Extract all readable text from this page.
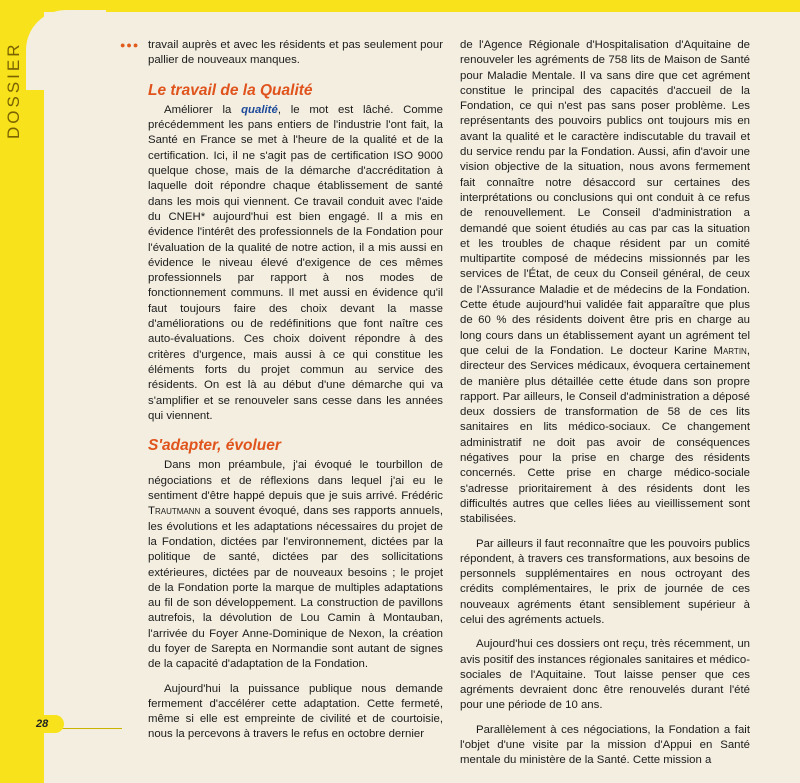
DOSSIER
28
●●● travail auprès et avec les résidents et pas seulement pour pallier de nouveaux manques.

Le travail de la Qualité

Améliorer la qualité, le mot est lâché. Comme précédemment les pans entiers de l'industrie l'ont fait, la Santé en France se met à l'heure de la qualité et de la certification. Ici, il ne s'agit pas de certification ISO 9000 quelque chose, mais de la démarche d'accréditation à laquelle doit répondre chaque établissement de santé dans les mois qui viennent. Ce travail conduit avec l'aide du CNEH* aujourd'hui est bien engagé. Il a mis en évidence l'intérêt des professionnels de la Fondation pour l'évaluation de la qualité de notre action, il a mis aussi en évidence le niveau élevé d'exigence de ces mêmes professionnels par rapport à nos modes de fonctionnement communs. Il met aussi en évidence qu'il faut toujours faire des choix devant la masse d'améliorations ou de redéfinitions que font naître ces auto-évaluations. Ces choix doivent répondre à des critères d'urgence, mais aussi à ce qui constitue les éléments forts du projet commun au service des résidents. On est là au début d'une démarche qui va s'amplifier et se renouveler sans cesse dans les années qui viennent.

S'adapter, évoluer

Dans mon préambule, j'ai évoqué le tourbillon de négociations et de réflexions dans lequel j'ai eu le sentiment d'être happé depuis que je suis arrivé. Frédéric Trautmann a souvent évoqué, dans ses rapports annuels, les évolutions et les adaptations nécessaires du projet de la Fondation, dictées par l'environnement, dictées par la politique de santé, dictées par des sollicitations extérieures, dictées par de nouveaux besoins ; le projet de la Fondation porte la marque de multiples adaptations au fil de son développement. La construction de pavillons autrefois, la dévolution de Lou Camin à Montauban, l'arrivée du Foyer Anne-Dominique de Nexon, la création du foyer de Sarepta en Normandie sont autant de signes de la capacité d'adaptation de la Fondation.

Aujourd'hui la puissance publique nous demande fermement d'accélérer cette adaptation. Cette fermeté, même si elle est empreinte de civilité et de courtoisie, nous la percevons à travers le refus en octobre dernier

de l'Agence Régionale d'Hospitalisation d'Aquitaine de renouveler les agréments de 758 lits de Maison de Santé pour Maladie Mentale. Il va sans dire que cet agrément constitue le principal des capacités d'accueil de la Fondation, ce qui n'est pas sans poser problème. Les représentants des pouvoirs publics ont toujours mis en avant la qualité et le caractère indiscutable du travail et du service rendu par la Fondation. Aussi, afin d'avoir une vision objective de la situation, nous avons fermement fait connaître notre désaccord sur certaines des interprétations ou conclusions qui ont conduit à ce refus de renouvellement. Le Conseil d'administration a demandé que soient étudiés au cas par cas la situation et les troubles de chaque résident par un comité multipartite composé de médecins missionnés par les services de l'État, de ceux du Conseil général, de ceux de l'Assurance Maladie et de médecins de la Fondation. Cette étude aujourd'hui validée fait apparaître que plus de 60 % des résidents doivent être pris en charge au long cours dans un établissement ayant un agrément tel que celui de la Fondation. Le docteur Karine Martin, directeur des Services médicaux, évoquera certainement de manière plus détaillée cette étude dans son propre rapport. Par ailleurs, le Conseil d'administration a déposé deux dossiers de transformation de 58 de ces lits sanitaires en lits médico-sociaux. Ce changement administratif ne doit pas avoir de conséquences négatives pour la prise en charge des résidents concernés. Cette prise en charge médico-sociale s'adresse prioritairement à des résidents dont les difficultés autres que celles liées au vieillissement sont stabilisées.

Par ailleurs il faut reconnaître que les pouvoirs publics répondent, à travers ces transformations, aux besoins de personnels supplémentaires en nous octroyant des crédits complémentaires, le prix de journée de ces nouveaux agréments étant sensiblement supérieur à celui des agréments actuels.

Aujourd'hui ces dossiers ont reçu, très récemment, un avis positif des instances régionales sanitaires et médico-sociales de l'Aquitaine. Tout laisse penser que ces agréments devraient donc être renouvelés durant l'été pour une période de 10 ans.

Parallèlement à ces négociations, la Fondation a fait l'objet d'une visite par la mission d'Appui en Santé mentale du ministère de la Santé. Cette mission a
